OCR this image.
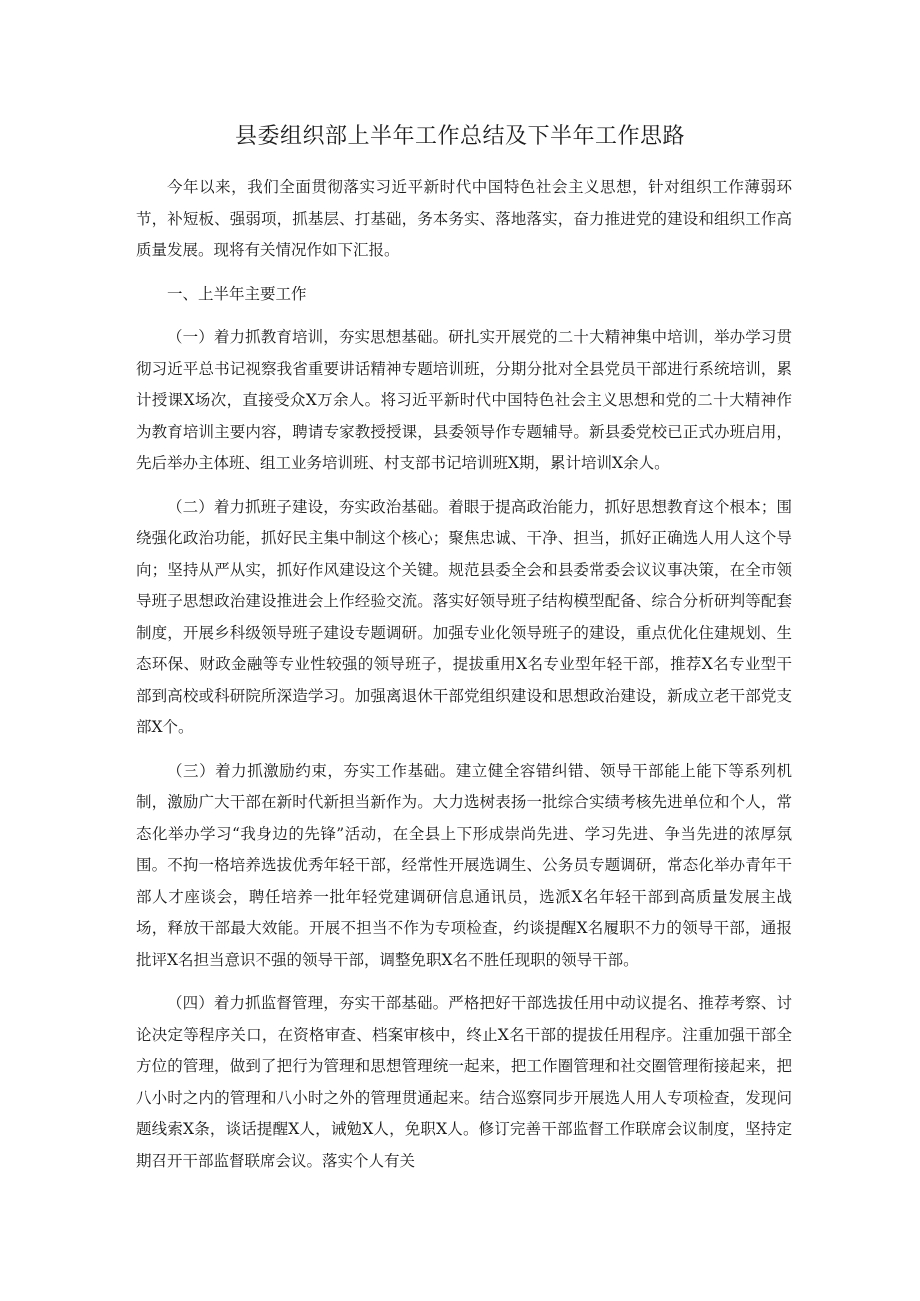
县委组织部上半年工作总结及下半年工作思路

今年以来，我们全面贯彻落实习近平新时代中国特色社会主义思想，针对组织工作薄弱环节，补短板、强弱项，抓基层、打基础，务本务实、落地落实，奋力推进党的建设和组织工作高质量发展。现将有关情况作如下汇报。

一、上半年主要工作

（一）着力抓教育培训，夯实思想基础。研扎实开展党的二十大精神集中培训，举办学习贯彻习近平总书记视察我省重要讲话精神专题培训班，分期分批对全县党员干部进行系统培训，累计授课X场次，直接受众X万余人。将习近平新时代中国特色社会主义思想和党的二十大精神作为教育培训主要内容，聘请专家教授授课，县委领导作专题辅导。新县委党校已正式办班启用，先后举办主体班、组工业务培训班、村支部书记培训班X期，累计培训X余人。

（二）着力抓班子建设，夯实政治基础。着眼于提高政治能力，抓好思想教育这个根本；围绕强化政治功能，抓好民主集中制这个核心；聚焦忠诚、干净、担当，抓好正确选人用人这个导向；坚持从严从实，抓好作风建设这个关键。规范县委全会和县委常委会议议事决策，在全市领导班子思想政治建设推进会上作经验交流。落实好领导班子结构模型配备、综合分析研判等配套制度，开展乡科级领导班子建设专题调研。加强专业化领导班子的建设，重点优化住建规划、生态环保、财政金融等专业性较强的领导班子，提拔重用X名专业型年轻干部，推荐X名专业型干部到高校或科研院所深造学习。加强离退休干部党组织建设和思想政治建设，新成立老干部党支部X个。

（三）着力抓激励约束，夯实工作基础。建立健全容错纠错、领导干部能上能下等系列机制，激励广大干部在新时代新担当新作为。大力选树表扬一批综合实绩考核先进单位和个人，常态化举办学习“我身边的先锋”活动，在全县上下形成崇尚先进、学习先进、争当先进的浓厚氛围。不拘一格培养选拔优秀年轻干部，经常性开展选调生、公务员专题调研，常态化举办青年干部人才座谈会，聘任培养一批年轻党建调研信息通讯员，选派X名年轻干部到高质量发展主战场，释放干部最大效能。开展不担当不作为专项检查，约谈提醒X名履职不力的领导干部，通报批评X名担当意识不强的领导干部，调整免职X名不胜任现职的领导干部。

（四）着力抓监督管理，夯实干部基础。严格把好干部选拔任用中动议提名、推荐考察、讨论决定等程序关口，在资格审查、档案审核中，终止X名干部的提拔任用程序。注重加强干部全方位的管理，做到了把行为管理和思想管理统一起来，把工作圈管理和社交圈管理衔接起来，把八小时之内的管理和八小时之外的管理贯通起来。结合巡察同步开展选人用人专项检查，发现问题线索X条，谈话提醒X人，诫勉X人，免职X人。修订完善干部监督工作联席会议制度，坚持定期召开干部监督联席会议。落实个人有关
